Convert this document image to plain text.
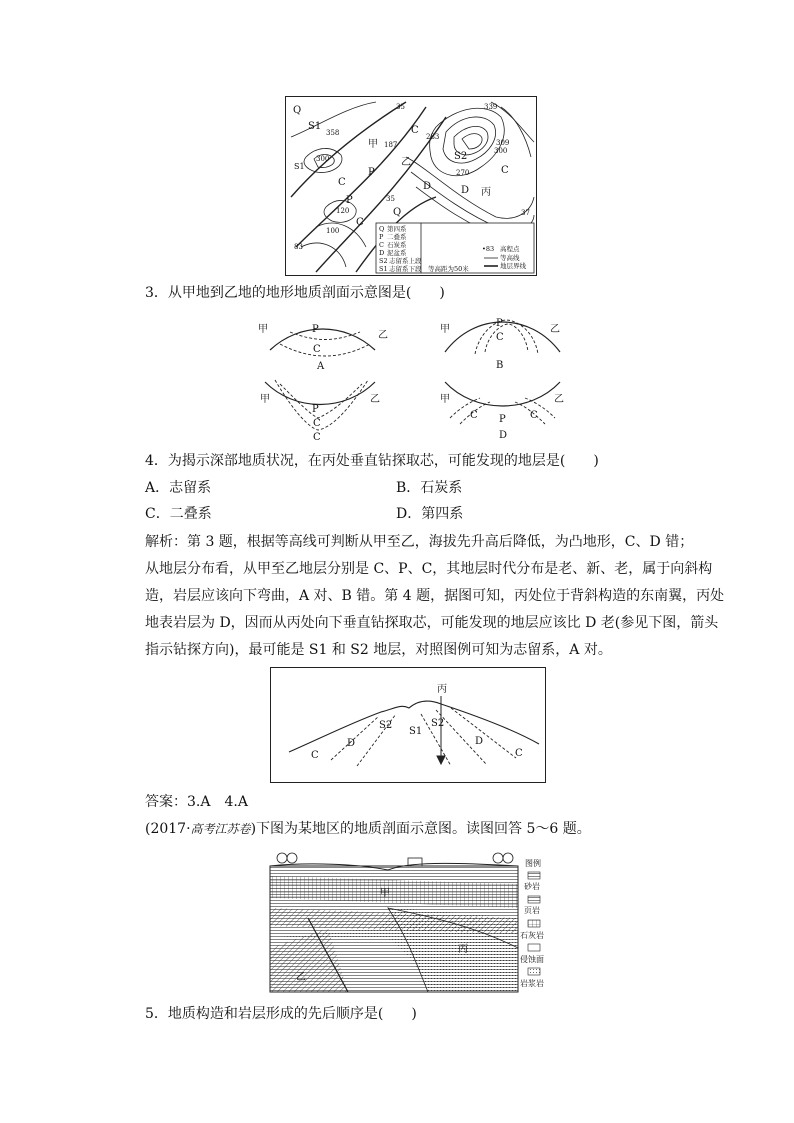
Q
S1
S1
C
甲
乙
C
P
P
C
D
Q
S2
丙
D
C
35
358
300
187
283
120
100
83
270
300
309
339
35
37
Q 第四系
P 二叠系
C 石炭系
D 泥盆系
S2 志留系上段
S1 志留系下段
•83 高程点
等高线
地层界线
等高距为50米
3．从甲地到乙地的地形地质剖面示意图是(　　)
甲
乙
P
C
A
甲	乙
P
C
B
甲	乙
P
C
C
甲	乙
C P C
D
4．为揭示深部地质状况，在丙处垂直钻探取芯，可能发现的地层是(　　)
A．志留系	B．石炭系
C．二叠系	D．第四系
解析：第 3 题，根据等高线可判断从甲至乙，海拔先升高后降低，为凸地形，C、D 错；
从地层分布看，从甲至乙地层分别是 C、P、C，其地层时代分布是老、新、老，属于向斜构
造，岩层应该向下弯曲，A 对、B 错。第 4 题，据图可知，丙处位于背斜构造的东南翼，丙处
地表岩层为 D，因而从丙处向下垂直钻探取芯，可能发现的地层应该比 D 老(参见下图，箭头
指示钻探方向)，最可能是 S1 和 S2 地层，对照图例可知为志留系，A 对。
丙
S2
S1
S2
D	D
C	C
答案：3.A　4.A
(2017·高考江苏卷)下图为某地区的地质剖面示意图。读图回答 5～6 题。
甲
丙
乙
图例
砂岩
页岩
石灰岩
侵蚀面
岩浆岩
5．地质构造和岩层形成的先后顺序是(　　)
